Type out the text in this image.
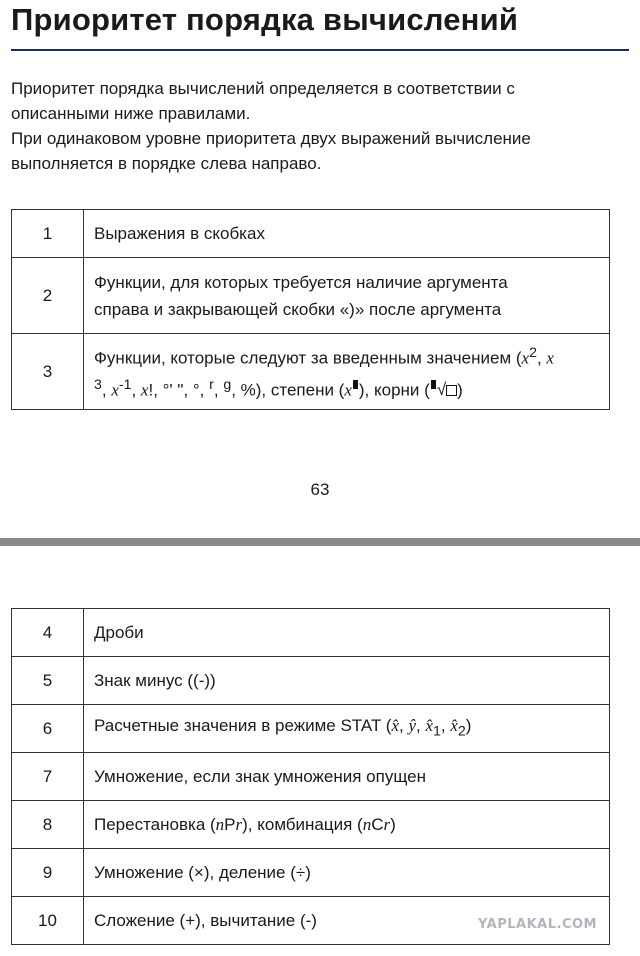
Приоритет порядка вычислений
Приоритет порядка вычислений определяется в соответствии с
описанными ниже правилами.
При одинаковом уровне приоритета двух выражений вычисление
выполняется в порядке слева направо.
1	Выражения в скобках
2	Функции, для которых требуется наличие аргумента
справа и закрывающей скобки «)» после аргумента
3	Функции, которые следуют за введенным значением ($x^2$, x
$^3$, $x^{-1}$, x!, °' ", °, $^r$, $^g$, %), степени (x ), корни ( √ )
63
4	Дроби
5	Знак минус ((-))
6	Расчетные значения в режиме STAT (x̂, ŷ, $x̂_1$, $x̂_2$)
7	Умножение, если знак умножения опущен
8	Перестановка (nPr), комбинация (nCr)
9	Умножение (×), деление (÷)
10	Сложение (+), вычитание (-)	YAPLAKAL.COM
